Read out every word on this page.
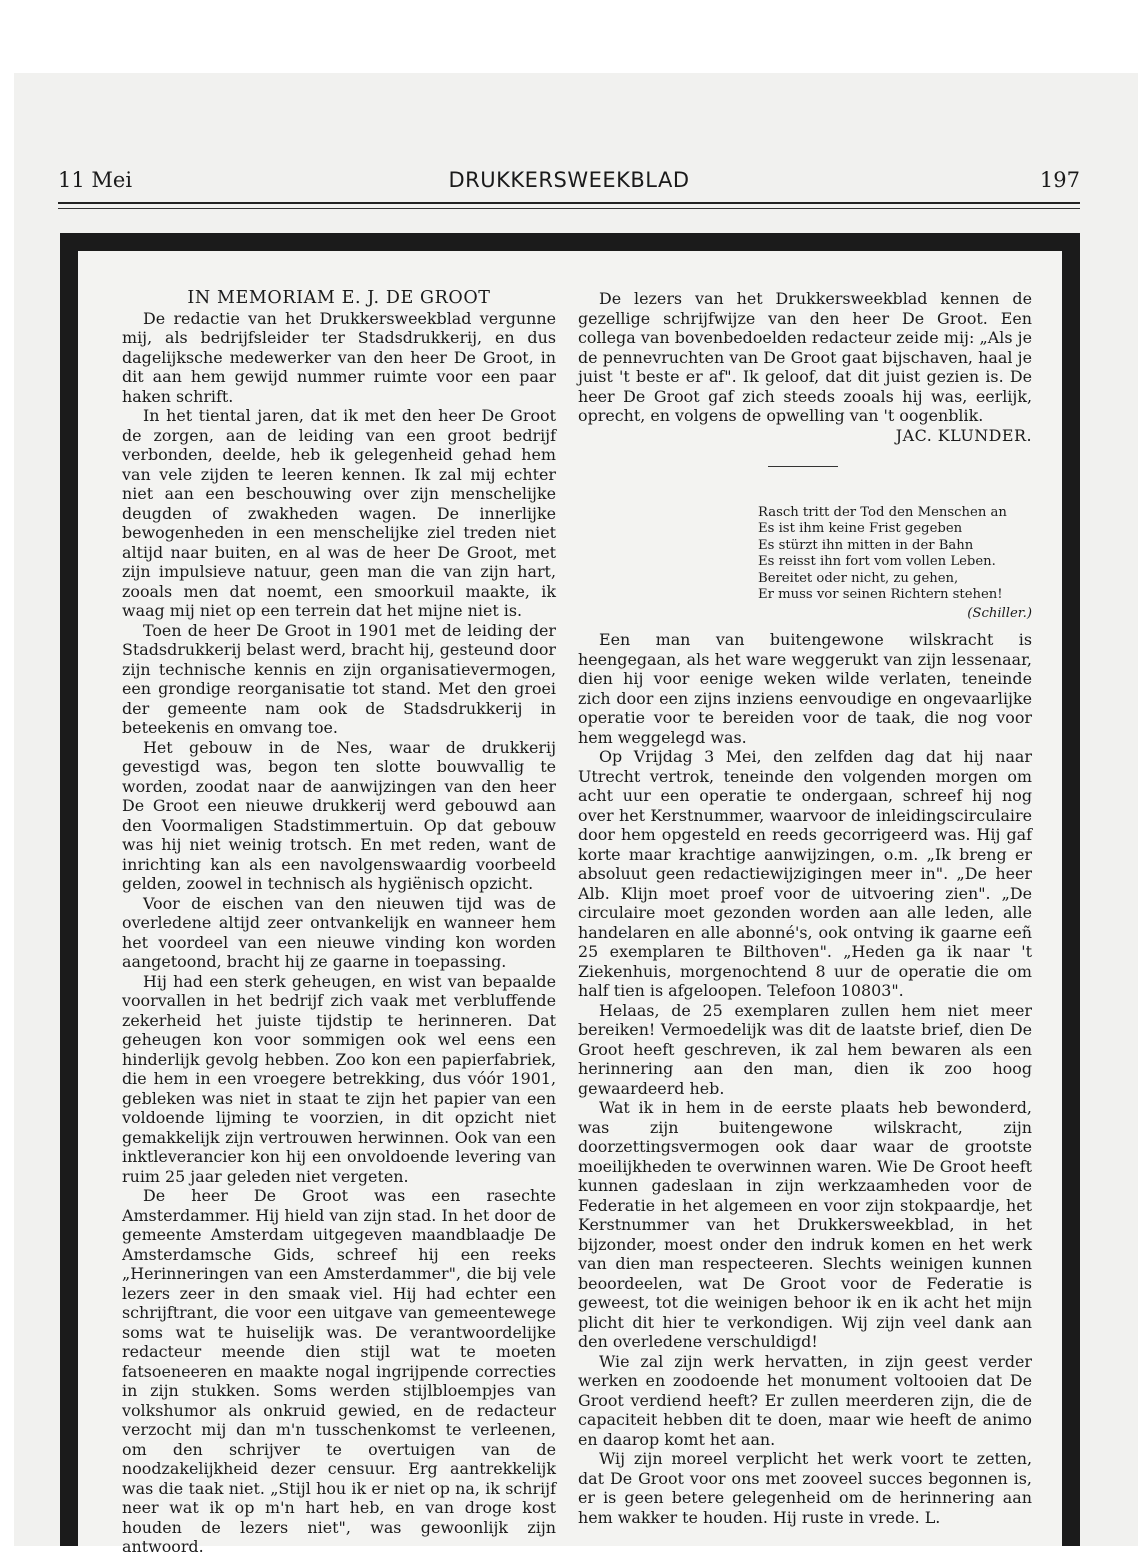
11 Mei	DRUKKERSWEEKBLAD	197

IN MEMORIAM E. J. DE GROOT

De redactie van het Drukkersweekblad vergunne mij, als bedrijfsleider ter Stadsdrukkerij, en dus dagelijksche medewerker van den heer De Groot, in dit aan hem gewijd nummer ruimte voor een paar haken schrift.

In het tiental jaren, dat ik met den heer De Groot de zorgen, aan de leiding van een groot bedrijf verbonden, deelde, heb ik gelegenheid gehad hem van vele zijden te leeren kennen. Ik zal mij echter niet aan een beschouwing over zijn menschelijke deugden of zwakheden wagen. De innerlijke bewogenheden in een menschelijke ziel treden niet altijd naar buiten, en al was de heer De Groot, met zijn impulsieve natuur, geen man die van zijn hart, zooals men dat noemt, een smoorkuil maakte, ik waag mij niet op een terrein dat het mijne niet is.

Toen de heer De Groot in 1901 met de leiding der Stadsdrukkerij belast werd, bracht hij, gesteund door zijn technische kennis en zijn organisatievermogen, een grondige reorganisatie tot stand. Met den groei der gemeente nam ook de Stadsdrukkerij in beteekenis en omvang toe.

Het gebouw in de Nes, waar de drukkerij gevestigd was, begon ten slotte bouwvallig te worden, zoodat naar de aanwijzingen van den heer De Groot een nieuwe drukkerij werd gebouwd aan den Voormaligen Stadstimmertuin. Op dat gebouw was hij niet weinig trotsch. En met reden, want de inrichting kan als een navolgenswaardig voorbeeld gelden, zoowel in technisch als hygiënisch opzicht.

Voor de eischen van den nieuwen tijd was de overledene altijd zeer ontvankelijk en wanneer hem het voordeel van een nieuwe vinding kon worden aangetoond, bracht hij ze gaarne in toepassing.

Hij had een sterk geheugen, en wist van bepaalde voorvallen in het bedrijf zich vaak met verbluffende zekerheid het juiste tijdstip te herinneren. Dat geheugen kon voor sommigen ook wel eens een hinderlijk gevolg hebben. Zoo kon een papierfabriek, die hem in een vroegere betrekking, dus vóór 1901, gebleken was niet in staat te zijn het papier van een voldoende lijming te voorzien, in dit opzicht niet gemakkelijk zijn vertrouwen herwinnen. Ook van een inktleverancier kon hij een onvoldoende levering van ruim 25 jaar geleden niet vergeten.

De heer De Groot was een rasechte Amsterdammer. Hij hield van zijn stad. In het door de gemeente Amsterdam uitgegeven maandblaadje De Amsterdamsche Gids, schreef hij een reeks „Herinneringen van een Amsterdammer", die bij vele lezers zeer in den smaak viel. Hij had echter een schrijftrant, die voor een uitgave van gemeentewege soms wat te huiselijk was. De verantwoordelijke redacteur meende dien stijl wat te moeten fatsoeneeren en maakte nogal ingrijpende correcties in zijn stukken. Soms werden stijlbloempjes van volkshumor als onkruid gewied, en de redacteur verzocht mij dan m'n tusschenkomst te verleenen, om den schrijver te overtuigen van de noodzakelijkheid dezer censuur. Erg aantrekkelijk was die taak niet. „Stijl hou ik er niet op na, ik schrijf neer wat ik op m'n hart heb, en van droge kost houden de lezers niet", was gewoonlijk zijn antwoord.

De lezers van het Drukkersweekblad kennen de gezellige schrijfwijze van den heer De Groot. Een collega van bovenbedoelden redacteur zeide mij: „Als je de pennevruchten van De Groot gaat bijschaven, haal je juist 't beste er af". Ik geloof, dat dit juist gezien is. De heer De Groot gaf zich steeds zooals hij was, eerlijk, oprecht, en volgens de opwelling van 't oogenblik.
JAC. KLUNDER.

Rasch tritt der Tod den Menschen an
Es ist ihm keine Frist gegeben
Es stürzt ihn mitten in der Bahn
Es reisst ihn fort vom vollen Leben.
Bereitet oder nicht, zu gehen,
Er muss vor seinen Richtern stehen!
(Schiller.)

Een man van buitengewone wilskracht is heengegaan, als het ware weggerukt van zijn lessenaar, dien hij voor eenige weken wilde verlaten, teneinde zich door een zijns inziens eenvoudige en ongevaarlijke operatie voor te bereiden voor de taak, die nog voor hem weggelegd was.

Op Vrijdag 3 Mei, den zelfden dag dat hij naar Utrecht vertrok, teneinde den volgenden morgen om acht uur een operatie te ondergaan, schreef hij nog over het Kerstnummer, waarvoor de inleidingscirculaire door hem opgesteld en reeds gecorrigeerd was. Hij gaf korte maar krachtige aanwijzingen, o.m. „Ik breng er absoluut geen redactiewijzigingen meer in". „De heer Alb. Klijn moet proef voor de uitvoering zien". „De circulaire moet gezonden worden aan alle leden, alle handelaren en alle abonné's, ook ontving ik gaarne eeñ 25 exemplaren te Bilthoven". „Heden ga ik naar 't Ziekenhuis, morgenochtend 8 uur de operatie die om half tien is afgeloopen. Telefoon 10803".

Helaas, de 25 exemplaren zullen hem niet meer bereiken! Vermoedelijk was dit de laatste brief, dien De Groot heeft geschreven, ik zal hem bewaren als een herinnering aan den man, dien ik zoo hoog gewaardeerd heb.

Wat ik in hem in de eerste plaats heb bewonderd, was zijn buitengewone wilskracht, zijn doorzettingsvermogen ook daar waar de grootste moeilijkheden te overwinnen waren. Wie De Groot heeft kunnen gadeslaan in zijn werkzaamheden voor de Federatie in het algemeen en voor zijn stokpaardje, het Kerstnummer van het Drukkersweekblad, in het bijzonder, moest onder den indruk komen en het werk van dien man respecteeren. Slechts weinigen kunnen beoordeelen, wat De Groot voor de Federatie is geweest, tot die weinigen behoor ik en ik acht het mijn plicht dit hier te verkondigen. Wij zijn veel dank aan den overledene verschuldigd!

Wie zal zijn werk hervatten, in zijn geest verder werken en zoodoende het monument voltooien dat De Groot verdiend heeft? Er zullen meerderen zijn, die de capaciteit hebben dit te doen, maar wie heeft de animo en daarop komt het aan.

Wij zijn moreel verplicht het werk voort te zetten, dat De Groot voor ons met zooveel succes begonnen is, er is geen betere gelegenheid om de herinnering aan hem wakker te houden. Hij ruste in vrede. L.
